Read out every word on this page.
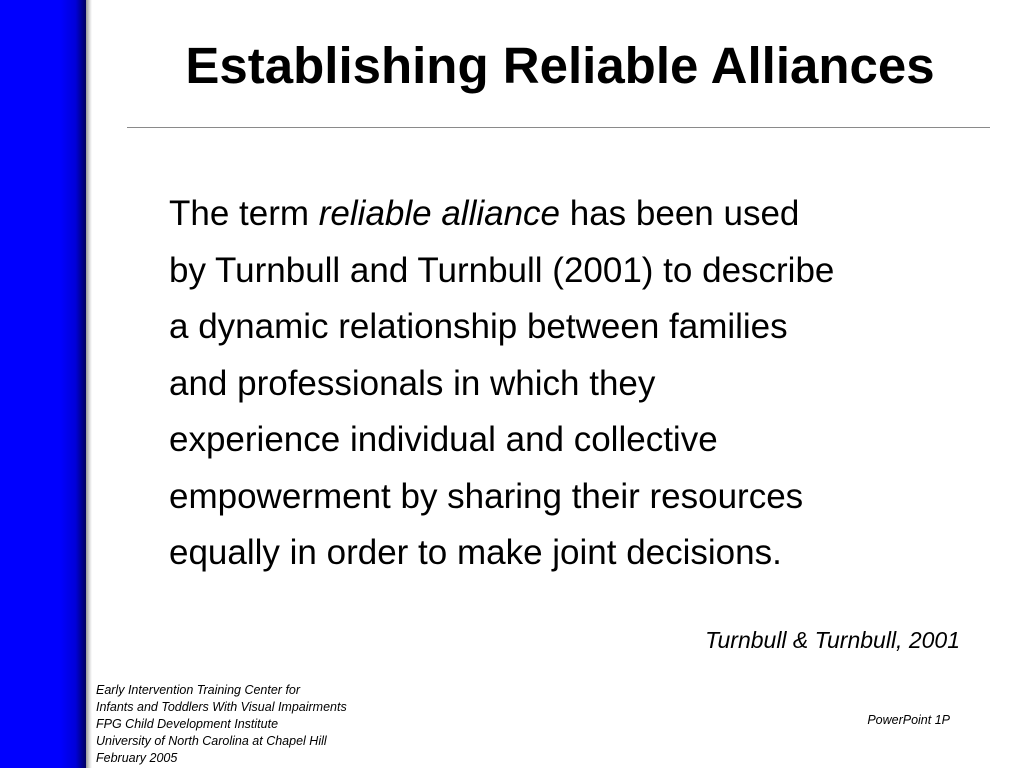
Establishing Reliable Alliances
The term reliable alliance has been used
by Turnbull and Turnbull (2001) to describe
a dynamic relationship between families
and professionals in which they
experience individual and collective
empowerment by sharing their resources
equally in order to make joint decisions.
Turnbull & Turnbull, 2001
Early Intervention Training Center for
Infants and Toddlers With Visual Impairments
FPG Child Development Institute
University of North Carolina at Chapel Hill
February 2005
PowerPoint 1P
